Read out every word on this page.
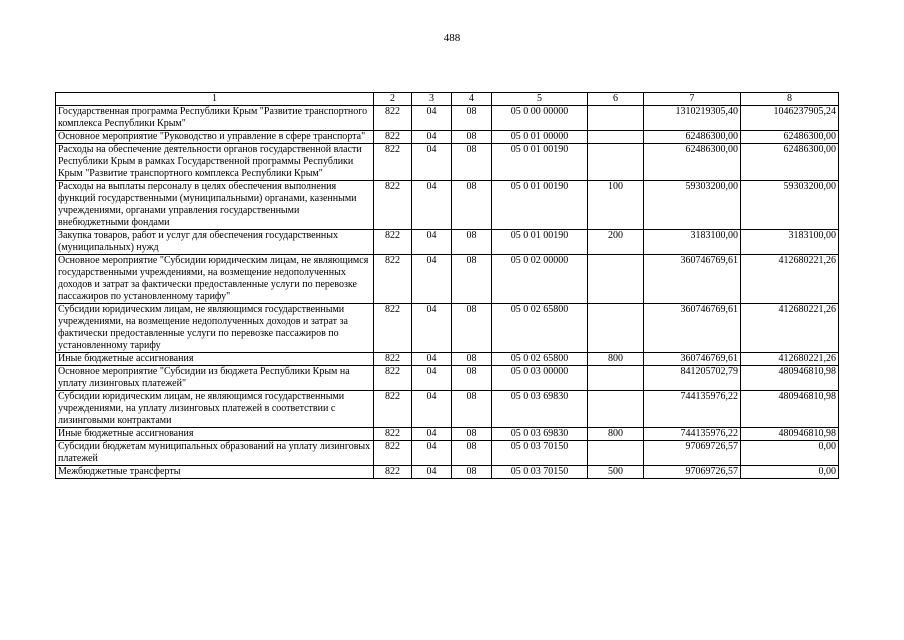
488
1	2	3	4	5	6	7	8
Государственная программа Республики Крым "Развитие транспортного комплекса Республики Крым"	822	04	08	05 0 00 00000		1310219305,40	1046237905,24
Основное мероприятие "Руководство и управление в сфере транспорта"	822	04	08	05 0 01 00000		62486300,00	62486300,00
Расходы на обеспечение деятельности органов государственной власти Республики Крым в рамках Государственной программы Республики Крым "Развитие транспортного комплекса Республики Крым"	822	04	08	05 0 01 00190		62486300,00	62486300,00
Расходы на выплаты персоналу в целях обеспечения выполнения функций государственными (муниципальными) органами, казенными учреждениями, органами управления государственными внебюджетными фондами	822	04	08	05 0 01 00190	100	59303200,00	59303200,00
Закупка товаров, работ и услуг для обеспечения государственных (муниципальных) нужд	822	04	08	05 0 01 00190	200	3183100,00	3183100,00
Основное мероприятие "Субсидии юридическим лицам, не являющимся государственными учреждениями, на возмещение недополученных доходов и затрат за фактически предоставленные услуги по перевозке пассажиров по установленному тарифу"	822	04	08	05 0 02 00000		360746769,61	412680221,26
Субсидии юридическим лицам, не являющимся государственными учреждениями, на возмещение недополученных доходов и затрат за фактически предоставленные услуги по перевозке пассажиров по установленному тарифу	822	04	08	05 0 02 65800		360746769,61	412680221,26
Иные бюджетные ассигнования	822	04	08	05 0 02 65800	800	360746769,61	412680221,26
Основное мероприятие "Субсидии из бюджета Республики Крым на уплату лизинговых платежей"	822	04	08	05 0 03 00000		841205702,79	480946810,98
Субсидии юридическим лицам, не являющимся государственными учреждениями, на уплату лизинговых платежей в соответствии с лизинговыми контрактами	822	04	08	05 0 03 69830		744135976,22	480946810,98
Иные бюджетные ассигнования	822	04	08	05 0 03 69830	800	744135976,22	480946810,98
Субсидии бюджетам муниципальных образований на уплату лизинговых платежей	822	04	08	05 0 03 70150		97069726,57	0,00
Межбюджетные трансферты	822	04	08	05 0 03 70150	500	97069726,57	0,00
